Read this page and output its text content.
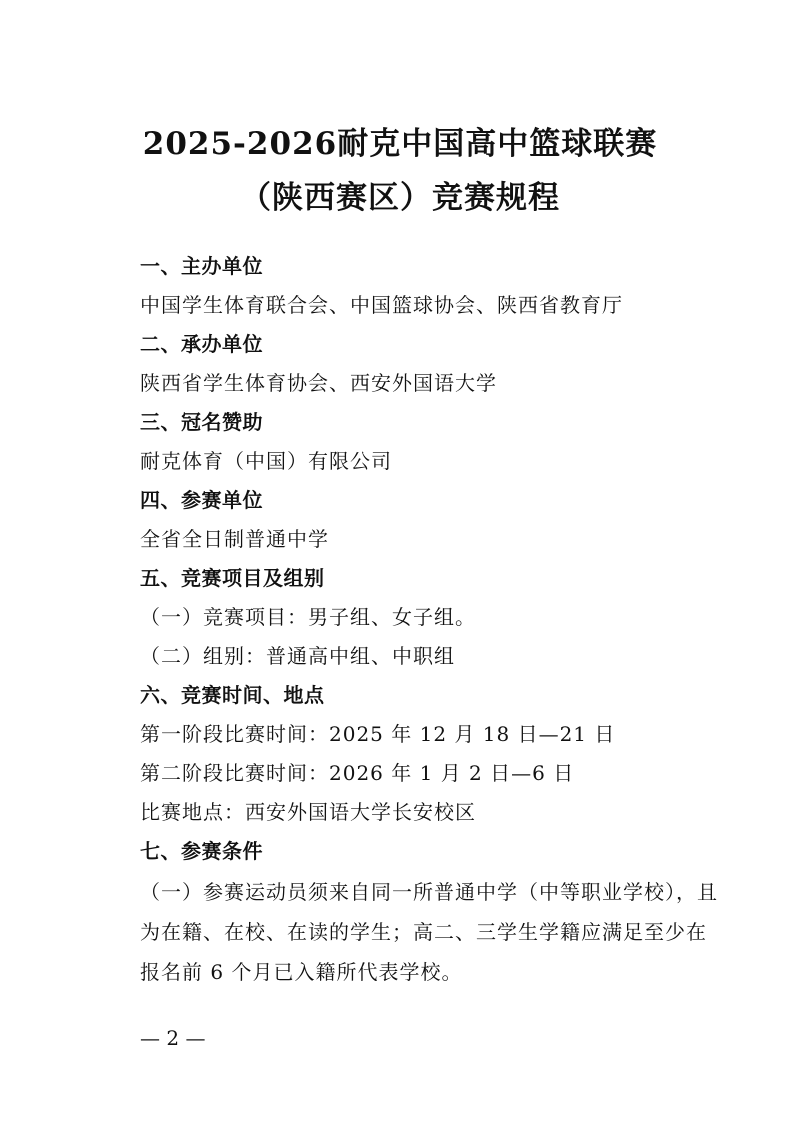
2025-2026耐克中国高中篮球联赛
（陕西赛区）竞赛规程
一、主办单位
中国学生体育联合会、中国篮球协会、陕西省教育厅
二、承办单位
陕西省学生体育协会、西安外国语大学
三、冠名赞助
耐克体育（中国）有限公司
四、参赛单位
全省全日制普通中学
五、竞赛项目及组别
（一）竞赛项目：男子组、女子组。
（二）组别：普通高中组、中职组
六、竞赛时间、地点
第一阶段比赛时间：2025 年 12 月 18 日—21 日
第二阶段比赛时间：2026 年 1 月 2 日—6 日
比赛地点：西安外国语大学长安校区
七、参赛条件
（一）参赛运动员须来自同一所普通中学（中等职业学校），且为在籍、在校、在读的学生；高二、三学生学籍应满足至少在报名前 6 个月已入籍所代表学校。
— 2 —
